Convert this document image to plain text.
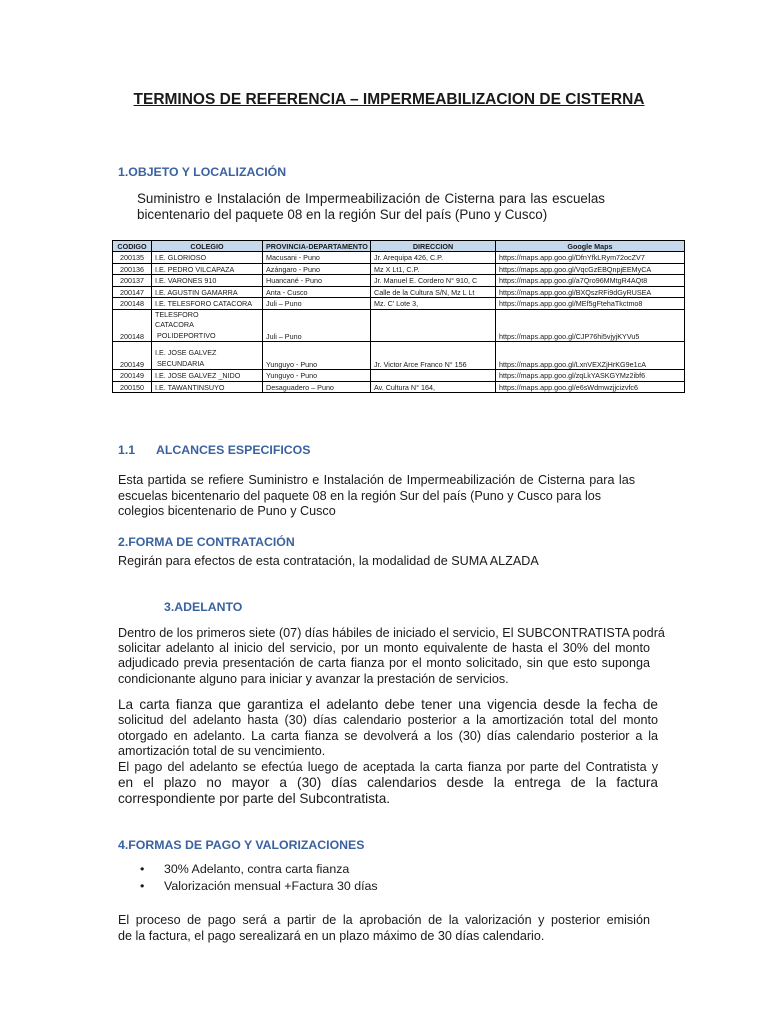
TERMINOS DE REFERENCIA – IMPERMEABILIZACION DE CISTERNA
1.OBJETO Y LOCALIZACIÓN
Suministro e Instalación de Impermeabilización de Cisterna para las escuelas
bicentenario del paquete 08 en la región Sur del país (Puno y Cusco)
CODIGO	COLEGIO	PROVINCIA-DEPARTAMENTO	DIRECCION	Google Maps
200135	I.E. GLORIOSO	Macusani - Puno	Jr. Arequipa 426, C.P.	https://maps.app.goo.gl/DfnYfkLRym72ocZV7
200136	I.E. PEDRO VILCAPAZA	Azángaro - Puno	Mz X Lt1, C.P.	https://maps.app.goo.gl/VqcGzEBQnpjEEMyCA
200137	I.E. VARONES 910	Huancané - Puno	Jr. Manuel E. Cordero N° 910, C	https://maps.app.goo.gl/a7Qro96MMtgR4AQt8
200147	I.E. AGUSTIN GAMARRA	Anta - Cusco	Calle de la Cultura S/N, Mz L Lt	https://maps.app.goo.gl/BXQszRFi9dGyRUSEA
200148	I.E. TELESFORO CATACORA	Juli – Puno	Mz. C' Lote 3,	https://maps.app.goo.gl/MEf5gFtehaTkctmo8
200148	TELESFORO
CATACORA
POLIDEPORTIVO	Juli – Puno		https://maps.app.goo.gl/CJP76hi5vjyjKYVu5
200149	I.E. JOSE GALVEZ
SECUNDARIA	Yunguyo - Puno	Jr. Victor Arce Franco N° 156	https://maps.app.goo.gl/LxnVEXZjHrKG9e1cA
200149	I.E. JOSE GALVEZ _NIDO	Yunguyo - Puno		https://maps.app.goo.gl/zqLkYASKGYMz2ibf6
200150	I.E. TAWANTINSUYO	Desaguadero – Puno	Av. Cultura N° 164,	https://maps.app.goo.gl/e6sWdmwzjjcizvfc6
1.1 ALCANCES ESPECIFICOS
Esta partida se refiere Suministro e Instalación de Impermeabilización de Cisterna para las
escuelas bicentenario del paquete 08 en la región Sur del país (Puno y Cusco para los
colegios bicentenario de Puno y Cusco
2.FORMA DE CONTRATACIÓN
Regirán para efectos de esta contratación, la modalidad de SUMA ALZADA
3.ADELANTO
Dentro de los primeros siete (07) días hábiles de iniciado el servicio, El SUBCONTRATISTA podrá
solicitar adelanto al inicio del servicio, por un monto equivalente de hasta el 30% del monto
adjudicado previa presentación de carta fianza por el monto solicitado, sin que esto suponga
condicionante alguno para iniciar y avanzar la prestación de servicios.
La carta fianza que garantiza el adelanto debe tener una vigencia desde la fecha de
solicitud del adelanto hasta (30) días calendario posterior a la amortización total del monto
otorgado en adelanto. La carta fianza se devolverá a los (30) días calendario posterior a la
amortización total de su vencimiento.
El pago del adelanto se efectúa luego de aceptada la carta fianza por parte del Contratista y
en el plazo no mayor a (30) días calendarios desde la entrega de la factura
correspondiente por parte del Subcontratista.
4.FORMAS DE PAGO Y VALORIZACIONES
• 30% Adelanto, contra carta fianza
• Valorización mensual +Factura 30 días
El proceso de pago será a partir de la aprobación de la valorización y posterior emisión
de la factura, el pago serealizará en un plazo máximo de 30 días calendario.
